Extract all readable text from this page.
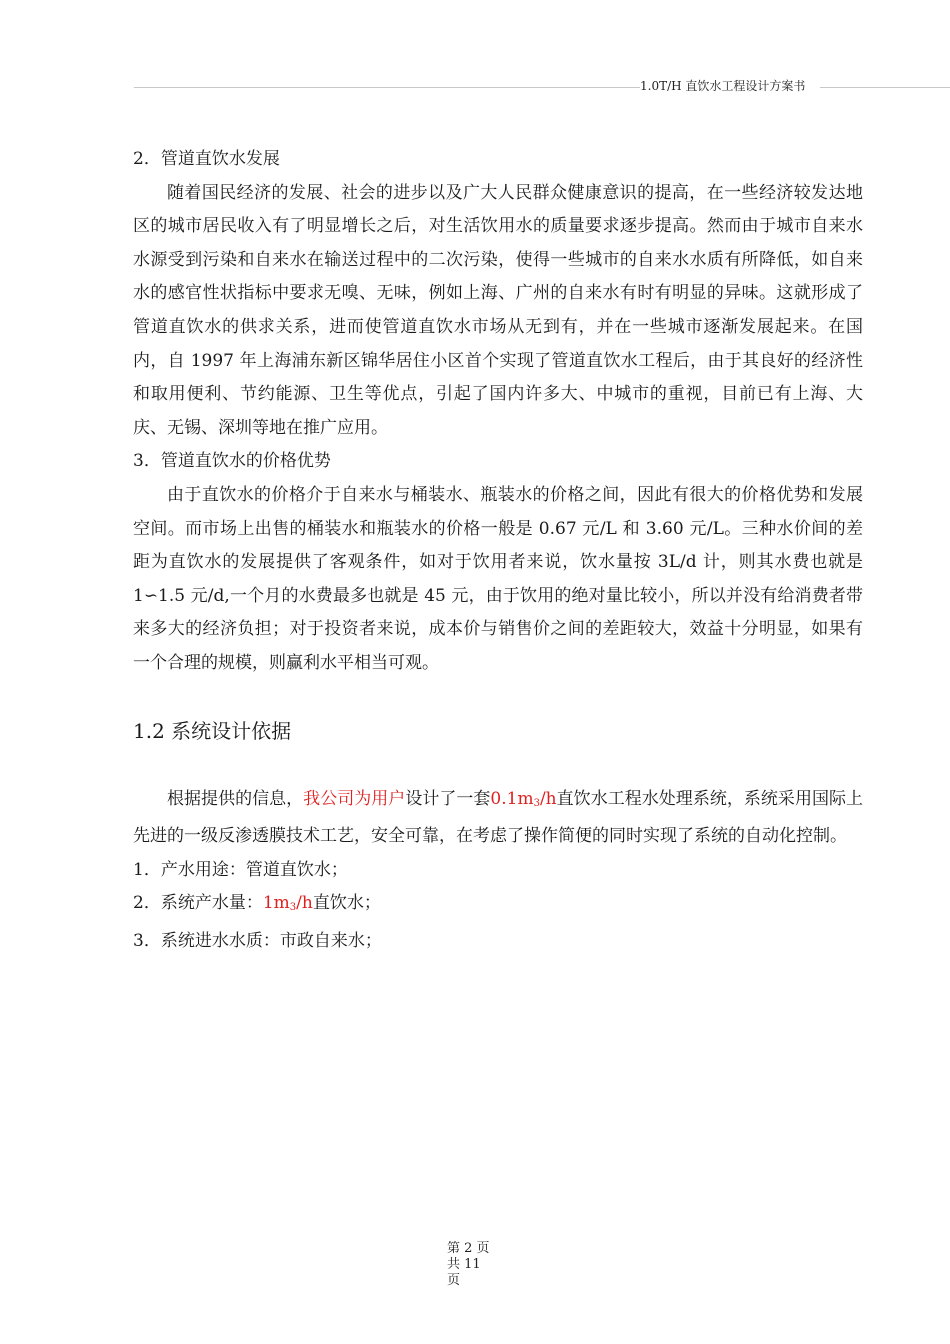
1.0T/H 直饮水工程设计方案书

2．管道直饮水发展

随着国民经济的发展、社会的进步以及广大人民群众健康意识的提高，在一些经济较发达地区的城市居民收入有了明显增长之后，对生活饮用水的质量要求逐步提高。然而由于城市自来水水源受到污染和自来水在输送过程中的二次污染，使得一些城市的自来水水质有所降低，如自来水的感官性状指标中要求无嗅、无味，例如上海、广州的自来水有时有明显的异味。这就形成了管道直饮水的供求关系，进而使管道直饮水市场从无到有，并在一些城市逐渐发展起来。在国内，自 1997 年上海浦东新区锦华居住小区首个实现了管道直饮水工程后，由于其良好的经济性和取用便利、节约能源、卫生等优点，引起了国内许多大、中城市的重视，目前已有上海、大庆、无锡、深圳等地在推广应用。

3．管道直饮水的价格优势

由于直饮水的价格介于自来水与桶装水、瓶装水的价格之间，因此有很大的价格优势和发展空间。而市场上出售的桶装水和瓶装水的价格一般是 0.67 元/L 和 3.60 元/L。三种水价间的差距为直饮水的发展提供了客观条件，如对于饮用者来说，饮水量按 3L/d 计，则其水费也就是 1∽1.5 元/d,一个月的水费最多也就是 45 元，由于饮用的绝对量比较小，所以并没有给消费者带来多大的经济负担；对于投资者来说，成本价与销售价之间的差距较大，效益十分明显，如果有一个合理的规模，则赢利水平相当可观。

1.2 系统设计依据

根据提供的信息，我公司为用户设计了一套$0.1m_3/h$直饮水工程水处理系统，系统采用国际上先进的一级反渗透膜技术工艺，安全可靠，在考虑了操作简便的同时实现了系统的自动化控制。

1．产水用途：管道直饮水；

2．系统产水量：$1m_3/h$直饮水；

3．系统进水水质：市政自来水；

第 2 页
共 11
页
